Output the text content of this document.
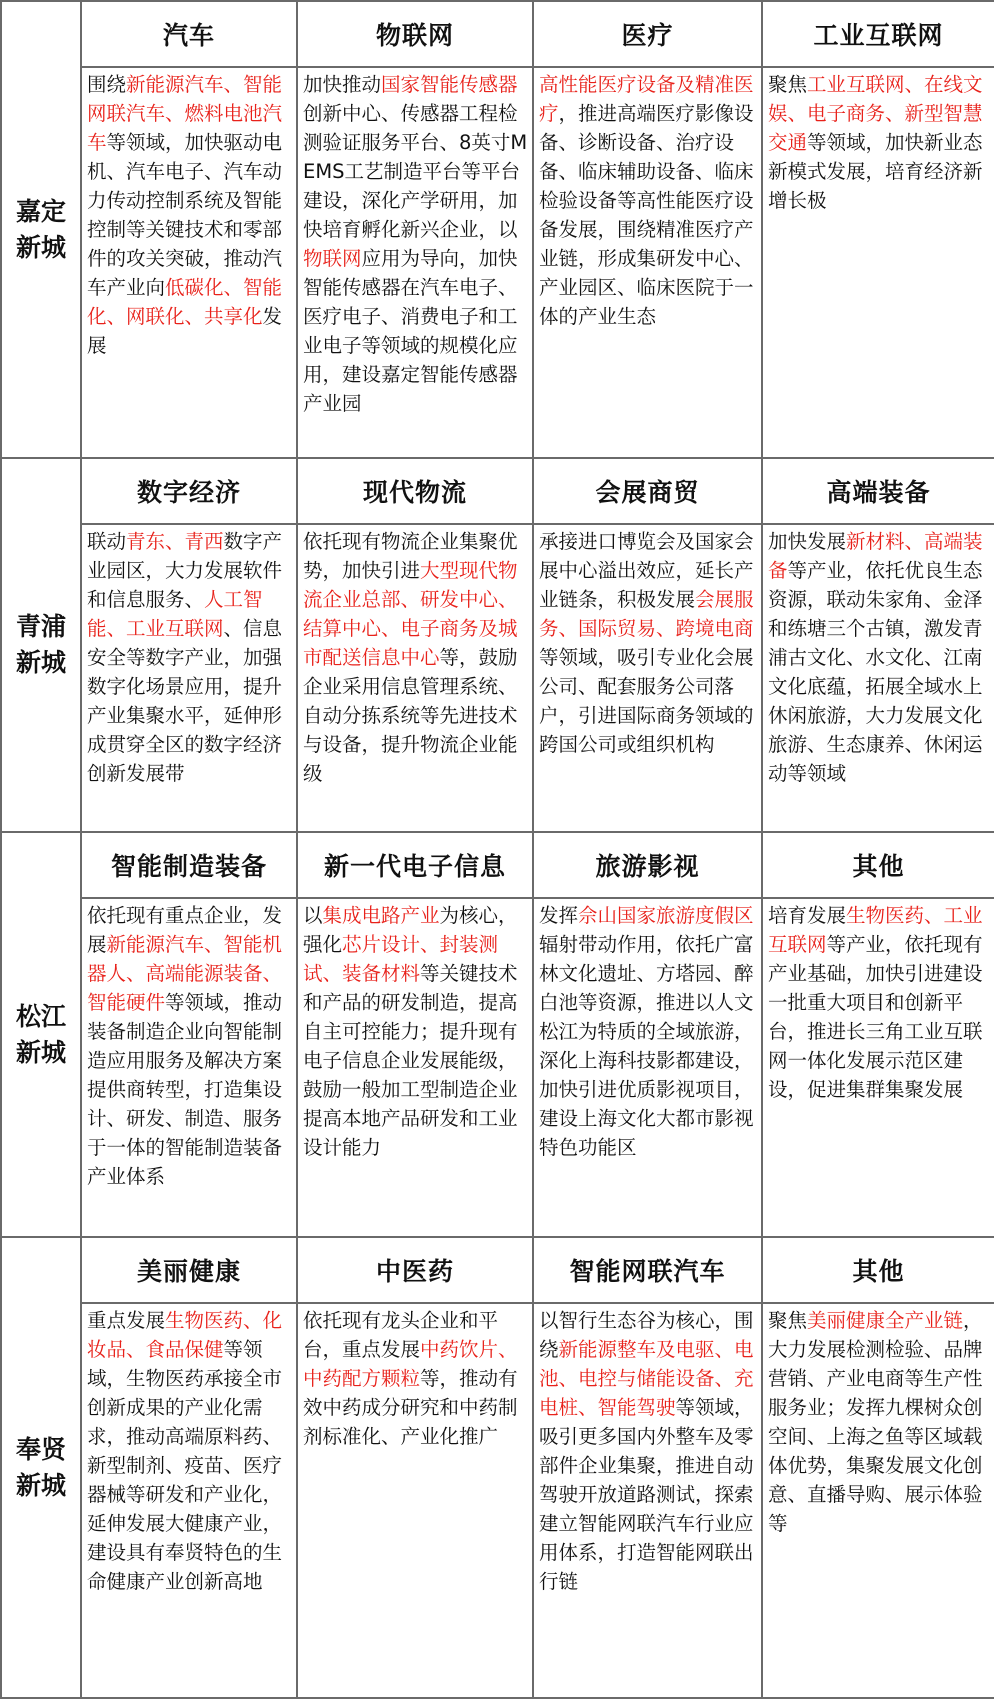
嘉定
新城	汽车	物联网	医疗	工业互联网
	围绕新能源汽车、智能网联汽车、燃料电池汽车等领域，加快驱动电机、汽车电子、汽车动力传动控制系统及智能控制等关键技术和零部件的攻关突破，推动汽车产业向低碳化、智能化、网联化、共享化发展	加快推动国家智能传感器创新中心、传感器工程检测验证服务平台、8英寸MEMS工艺制造平台等平台建设，深化产学研用，加快培育孵化新兴企业，以物联网应用为导向，加快智能传感器在汽车电子、医疗电子、消费电子和工业电子等领域的规模化应用，建设嘉定智能传感器产业园	高性能医疗设备及精准医疗，推进高端医疗影像设备、诊断设备、治疗设备、临床辅助设备、临床检验设备等高性能医疗设备发展，围绕精准医疗产业链，形成集研发中心、产业园区、临床医院于一体的产业生态	聚焦工业互联网、在线文娱、电子商务、新型智慧交通等领域，加快新业态新模式发展，培育经济新增长极

青浦
新城	数字经济	现代物流	会展商贸	高端装备
	联动青东、青西数字产业园区，大力发展软件和信息服务、人工智能、工业互联网、信息安全等数字产业，加强数字化场景应用，提升产业集聚水平，延伸形成贯穿全区的数字经济创新发展带	依托现有物流企业集聚优势，加快引进大型现代物流企业总部、研发中心、结算中心、电子商务及城市配送信息中心等，鼓励企业采用信息管理系统、自动分拣系统等先进技术与设备，提升物流企业能级	承接进口博览会及国家会展中心溢出效应，延长产业链条，积极发展会展服务、国际贸易、跨境电商等领域，吸引专业化会展公司、配套服务公司落户，引进国际商务领域的跨国公司或组织机构	加快发展新材料、高端装备等产业，依托优良生态资源，联动朱家角、金泽和练塘三个古镇，激发青浦古文化、水文化、江南文化底蕴，拓展全域水上休闲旅游，大力发展文化旅游、生态康养、休闲运动等领域

松江
新城	智能制造装备	新一代电子信息	旅游影视	其他
	依托现有重点企业，发展新能源汽车、智能机器人、高端能源装备、智能硬件等领域，推动装备制造企业向智能制造应用服务及解决方案提供商转型，打造集设计、研发、制造、服务于一体的智能制造装备产业体系	以集成电路产业为核心，强化芯片设计、封装测试、装备材料等关键技术和产品的研发制造，提高自主可控能力；提升现有电子信息企业发展能级，鼓励一般加工型制造企业提高本地产品研发和工业设计能力	发挥佘山国家旅游度假区辐射带动作用，依托广富林文化遗址、方塔园、醉白池等资源，推进以人文松江为特质的全域旅游，深化上海科技影都建设，加快引进优质影视项目，建设上海文化大都市影视特色功能区	培育发展生物医药、工业互联网等产业，依托现有产业基础，加快引进建设一批重大项目和创新平台，推进长三角工业互联网一体化发展示范区建设，促进集群集聚发展

奉贤
新城	美丽健康	中医药	智能网联汽车	其他
	重点发展生物医药、化妆品、食品保健等领域，生物医药承接全市创新成果的产业化需求，推动高端原料药、新型制剂、疫苗、医疗器械等研发和产业化，延伸发展大健康产业，建设具有奉贤特色的生命健康产业创新高地	依托现有龙头企业和平台，重点发展中药饮片、中药配方颗粒等，推动有效中药成分研究和中药制剂标准化、产业化推广	以智行生态谷为核心，围绕新能源整车及电驱、电池、电控与储能设备、充电桩、智能驾驶等领域，吸引更多国内外整车及零部件企业集聚，推进自动驾驶开放道路测试，探索建立智能网联汽车行业应用体系，打造智能网联出行链	聚焦美丽健康全产业链，大力发展检测检验、品牌营销、产业电商等生产性服务业；发挥九棵树众创空间、上海之鱼等区域载体优势，集聚发展文化创意、直播导购、展示体验等
